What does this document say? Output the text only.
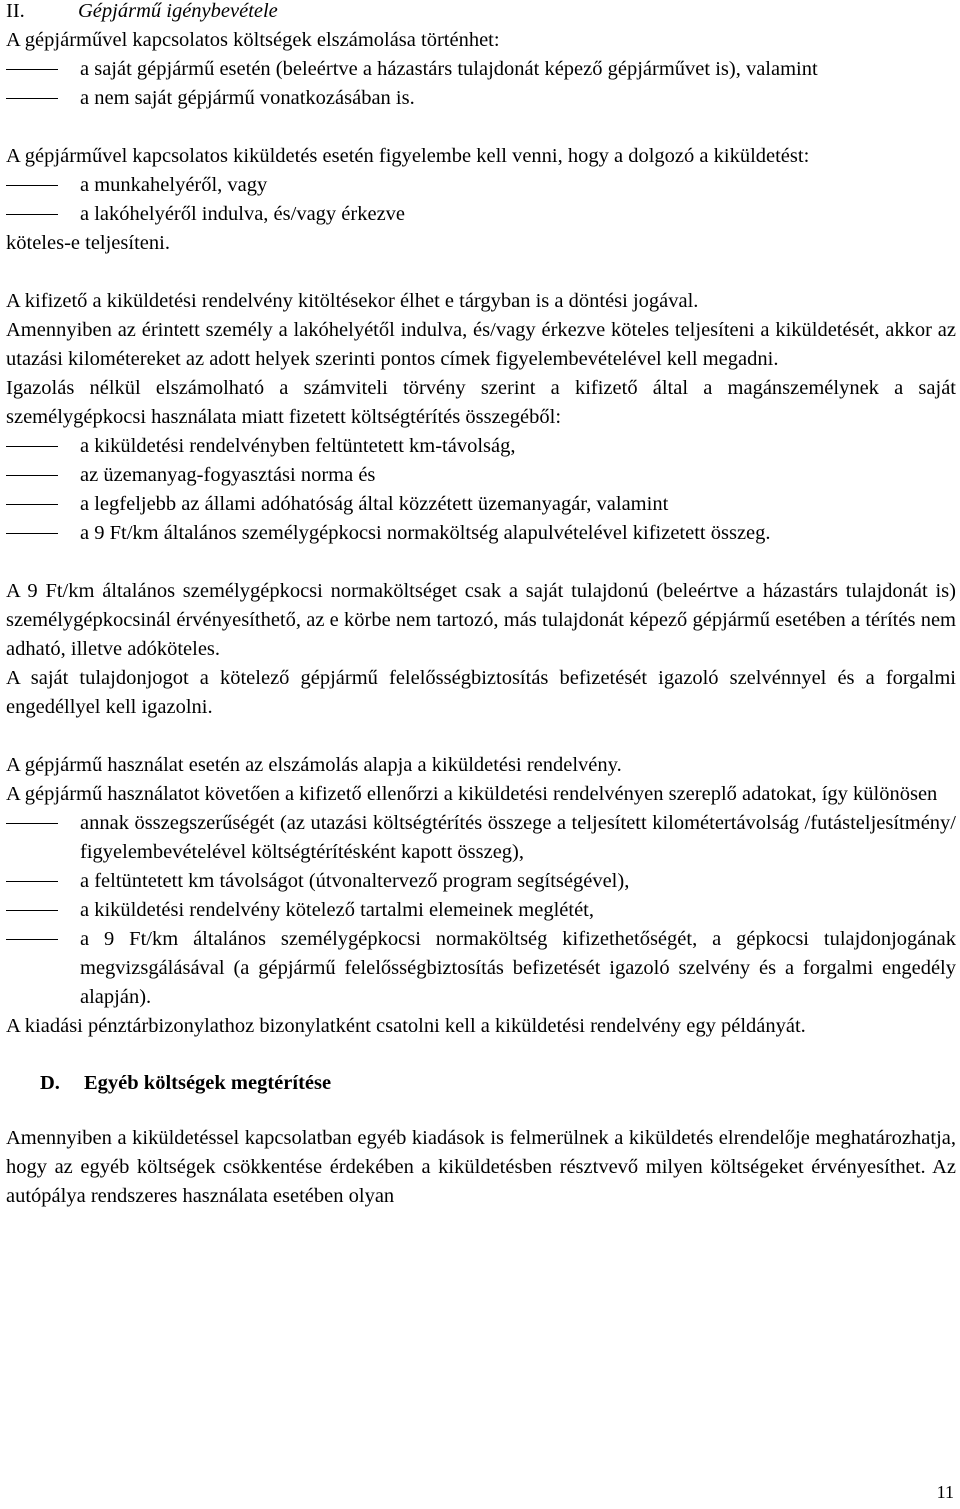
II.	Gépjármű igénybevétele

A gépjárművel kapcsolatos költségek elszámolása történhet:

a saját gépjármű esetén (beleértve a házastárs tulajdonát képező gépjárművet is), valamint
a nem saját gépjármű vonatkozásában is.

A gépjárművel kapcsolatos kiküldetés esetén figyelembe kell venni, hogy a dolgozó a kiküldetést:

a munkahelyéről, vagy
a lakóhelyéről indulva, és/vagy érkezve

köteles-e teljesíteni.

A kifizető a kiküldetési rendelvény kitöltésekor élhet e tárgyban is a döntési jogával.

Amennyiben az érintett személy a lakóhelyétől indulva, és/vagy érkezve köteles teljesíteni a kiküldetését, akkor az utazási kilométereket az adott helyek szerinti pontos címek figyelembevételével kell megadni.

Igazolás nélkül elszámolható a számviteli törvény szerint a kifizető által a magánszemélynek a saját személygépkocsi használata miatt fizetett költségtérítés összegéből:

a kiküldetési rendelvényben feltüntetett km-távolság,
az üzemanyag-fogyasztási norma és
a legfeljebb az állami adóhatóság által közzétett üzemanyagár, valamint
a 9 Ft/km általános személygépkocsi normaköltség alapulvételével kifizetett összeg.

A 9 Ft/km általános személygépkocsi normaköltséget csak a saját tulajdonú (beleértve a házastárs tulajdonát is) személygépkocsinál érvényesíthető, az e körbe nem tartozó, más tulajdonát képező gépjármű esetében a térítés nem adható, illetve adóköteles.

A saját tulajdonjogot a kötelező gépjármű felelősségbiztosítás befizetését igazoló szelvénnyel és a forgalmi engedéllyel kell igazolni.

A gépjármű használat esetén az elszámolás alapja a kiküldetési rendelvény.

A gépjármű használatot követően a kifizető ellenőrzi a kiküldetési rendelvényen szereplő adatokat, így különösen

annak összegszerűségét (az utazási költségtérítés összege a teljesített kilométertávolság /futásteljesítmény/ figyelembevételével költségtérítésként kapott összeg),
a feltüntetett km távolságot (útvonaltervező program segítségével),
a kiküldetési rendelvény kötelező tartalmi elemeinek meglétét,
a 9 Ft/km általános személygépkocsi normaköltség kifizethetőségét, a gépkocsi tulajdonjogának megvizsgálásával (a gépjármű felelősségbiztosítás befizetését igazoló szelvény és a forgalmi engedély alapján).

A kiadási pénztárbizonylathoz bizonylatként csatolni kell a kiküldetési rendelvény egy példányát.

D.	Egyéb költségek megtérítése

Amennyiben a kiküldetéssel kapcsolatban egyéb kiadások is felmerülnek a kiküldetés elrendelője meghatározhatja, hogy az egyéb költségek csökkentése érdekében a kiküldetésben résztvevő milyen költségeket érvényesíthet. Az autópálya rendszeres használata esetében olyan

11
